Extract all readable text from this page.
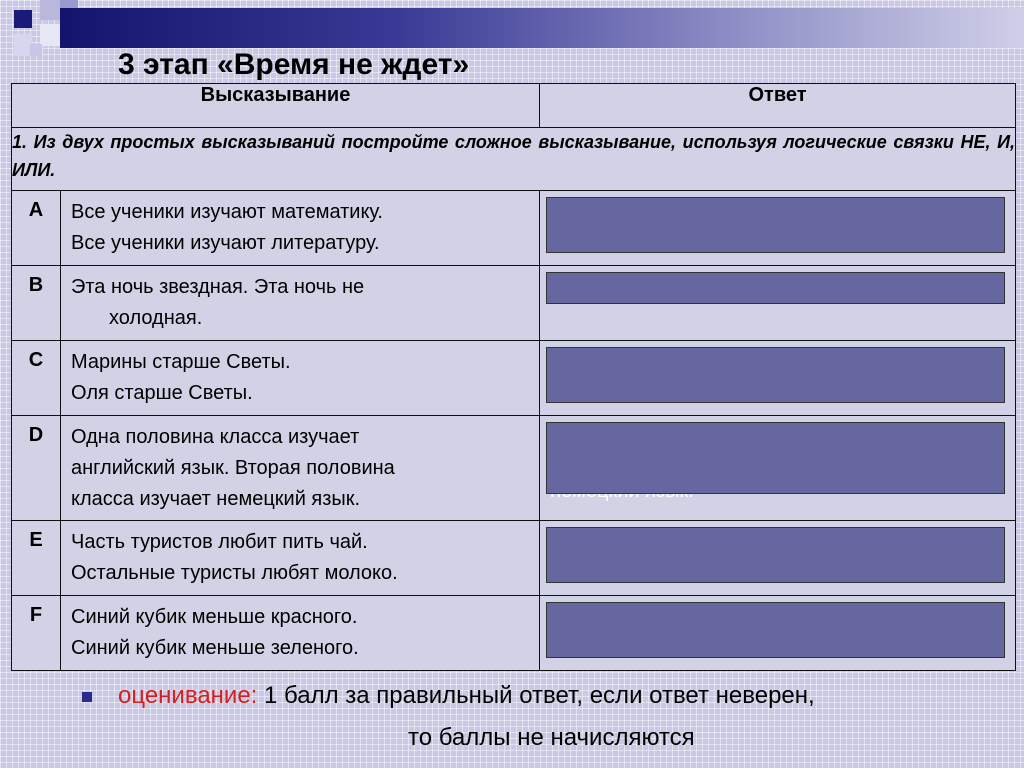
3 этап «Время не ждет»
Высказывание		Ответ
1. Из двух простых высказываний постройте сложное высказывание, используя логические связки НЕ, И, ИЛИ.		
A	Все ученики изучают математику.
Все ученики изучают литературу.	

B	Эта ночь звездная. Эта ночь не
холодная.	

C	Марины старше Светы.
Оля старше Светы.	

D	Одна половина класса изучает
английский язык. Вторая половина
класса изучает немецкий язык.

E	Часть туристов любит пить чай.
Остальные туристы любят молоко.	

F	Синий кубик меньше красного.
Синий кубик меньше зеленого.	

оценивание: 1 балл за правильный ответ, если ответ неверен,
то баллы не начисляются
